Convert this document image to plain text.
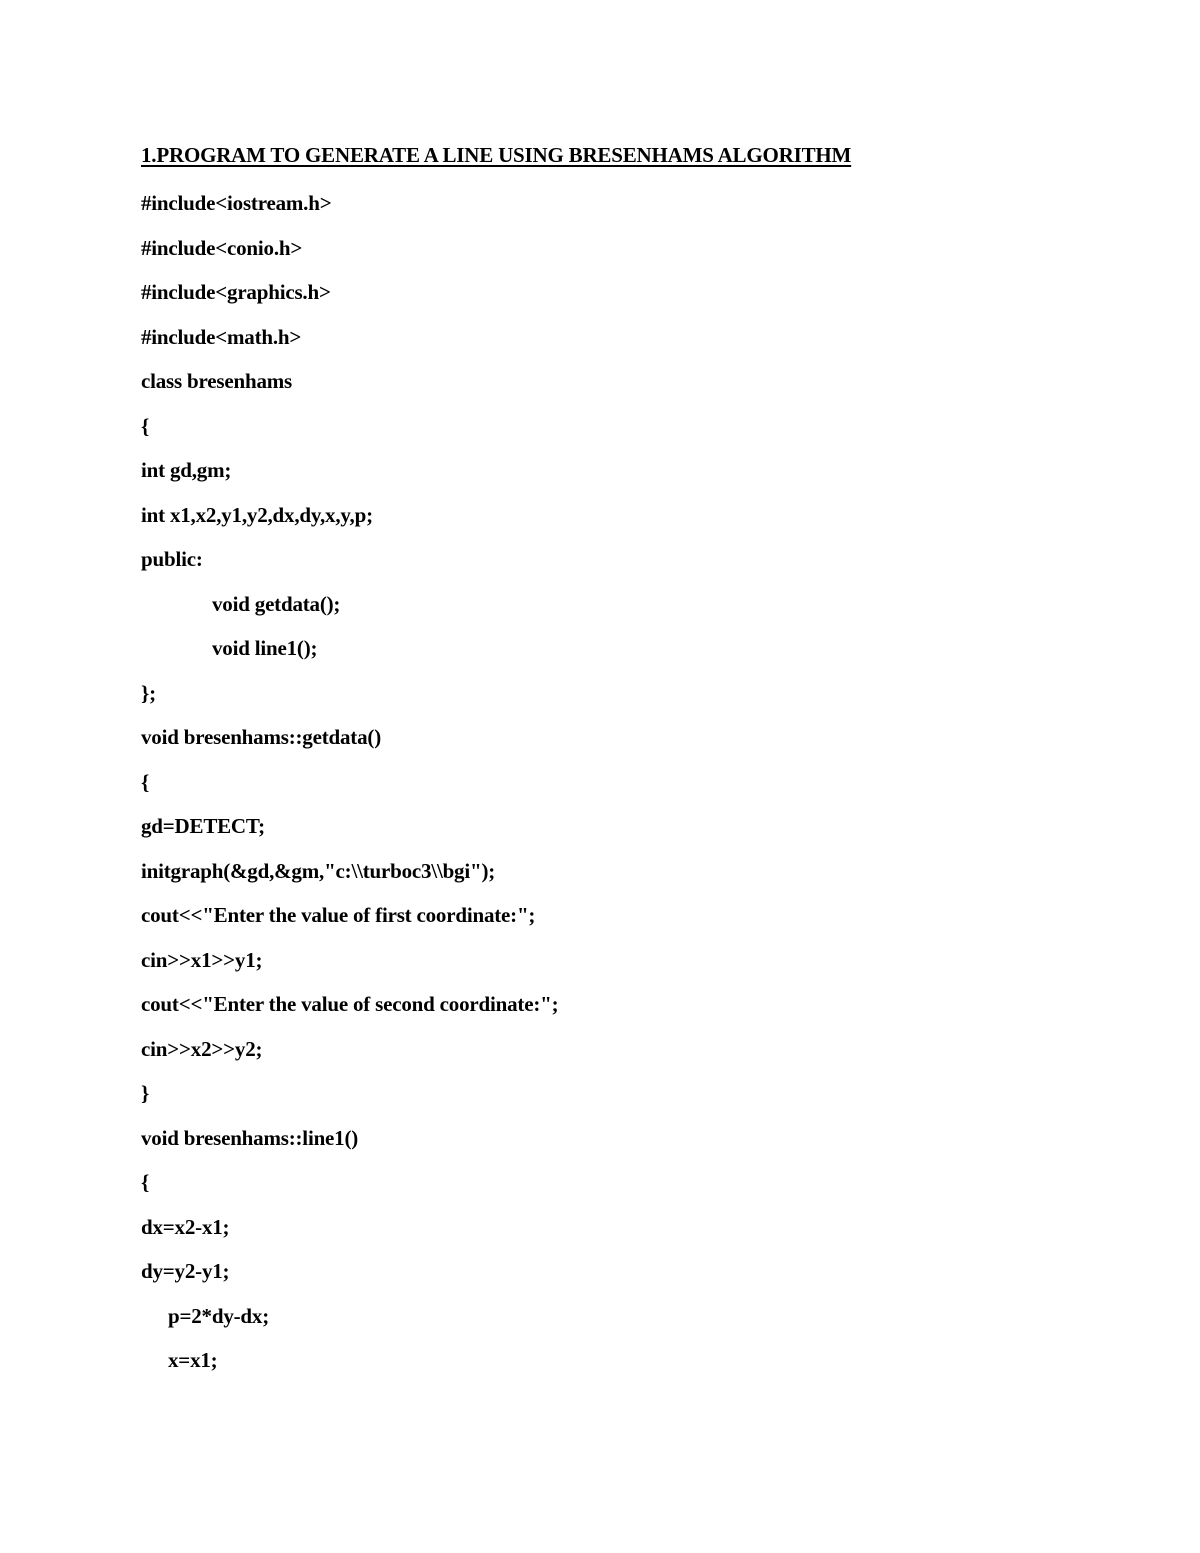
1.PROGRAM TO GENERATE A LINE USING BRESENHAMS ALGORITHM
#include<iostream.h>
#include<conio.h>
#include<graphics.h>
#include<math.h>
class bresenhams
{
int gd,gm;
int x1,x2,y1,y2,dx,dy,x,y,p;
public:
void getdata();
void line1();
};
void bresenhams::getdata()
{
gd=DETECT;
initgraph(&gd,&gm,"c:\\turboc3\\bgi");
cout<<"Enter the value of first coordinate:";
cin>>x1>>y1;
cout<<"Enter the value of second coordinate:";
cin>>x2>>y2;
}
void bresenhams::line1()
{
dx=x2-x1;
dy=y2-y1;
p=2*dy-dx;
x=x1;
